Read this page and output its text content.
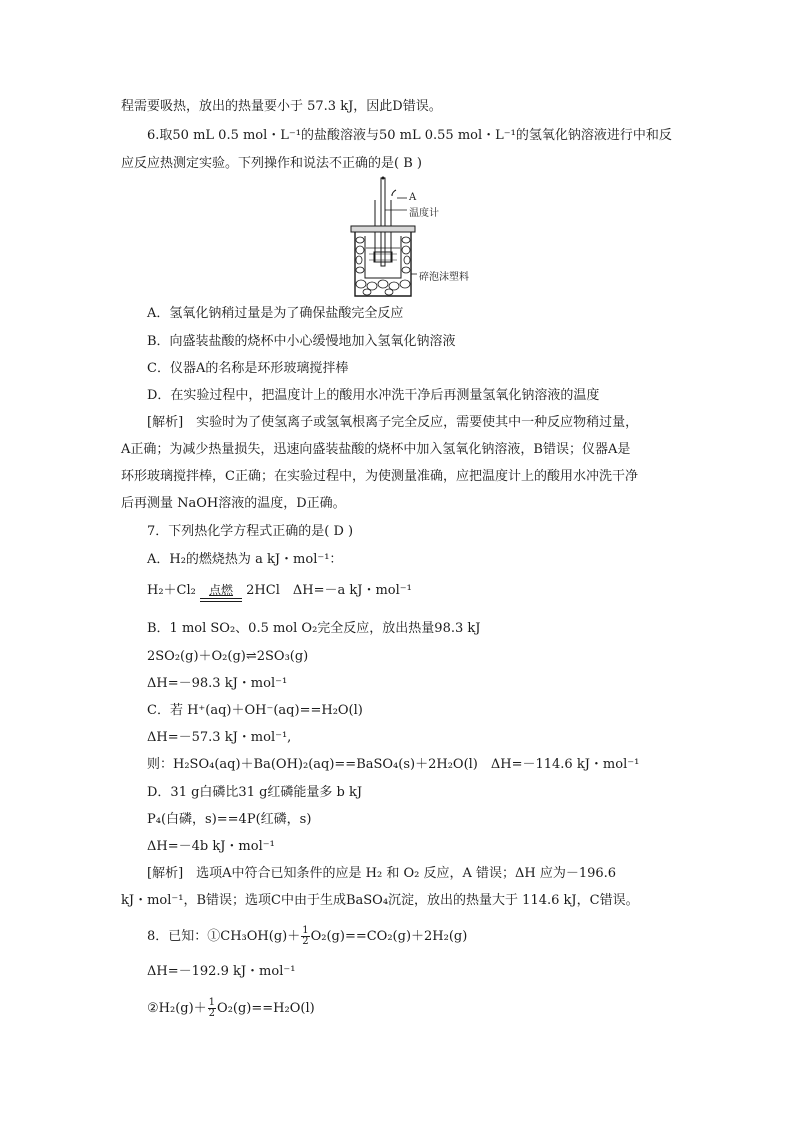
程需要吸热，放出的热量要小于 57.3 kJ，因此D错误。
6.取50 mL 0.5 mol・L⁻¹的盐酸溶液与50 mL 0.55 mol・L⁻¹的氢氧化钠溶液进行中和反
应反应热测定实验。下列操作和说法不正确的是( B )
A
温度计
碎泡沫塑料
A．氢氧化钠稍过量是为了确保盐酸完全反应
B．向盛装盐酸的烧杯中小心缓慢地加入氢氧化钠溶液
C．仪器A的名称是环形玻璃搅拌棒
D．在实验过程中，把温度计上的酸用水冲洗干净后再测量氢氧化钠溶液的温度
[解析]　实验时为了使氢离子或氢氧根离子完全反应，需要使其中一种反应物稍过量，
A正确；为减少热量损失，迅速向盛装盐酸的烧杯中加入氢氧化钠溶液，B错误；仪器A是
环形玻璃搅拌棒，C正确；在实验过程中，为使测量准确，应把温度计上的酸用水冲洗干净
后再测量 NaOH溶液的温度，D正确。
7．下列热化学方程式正确的是( D )
A．H₂的燃烧热为 a kJ・mol⁻¹：
H₂＋Cl₂	点燃	2HCl　ΔH=－a kJ・mol⁻¹
B．1 mol SO₂、0.5 mol O₂完全反应，放出热量98.3 kJ
2SO₂(g)＋O₂(g)⇌2SO₃(g)
ΔH=－98.3 kJ・mol⁻¹
C．若 H⁺(aq)＋OH⁻(aq)==H₂O(l)
ΔH=－57.3 kJ・mol⁻¹,
则：H₂SO₄(aq)＋Ba(OH)₂(aq)==BaSO₄(s)＋2H₂O(l)　ΔH=－114.6 kJ・mol⁻¹
D．31 g白磷比31 g红磷能量多 b kJ
P₄(白磷，s)==4P(红磷，s)
ΔH=－4b kJ・mol⁻¹
[解析]　选项A中符合已知条件的应是 H₂ 和 O₂ 反应，A 错误；ΔH 应为－196.6
kJ・mol⁻¹，B错误；选项C中由于生成BaSO₄沉淀，放出的热量大于 114.6 kJ，C错误。
8．已知：①CH₃OH(g)＋ $\frac{1}{2} O_2(g)==CO_2(g)+2H_2(g)$
ΔH=－192.9 kJ・mol⁻¹
②H₂(g)＋ $\frac{1}{2} O_2(g)==H_2O(l)$
